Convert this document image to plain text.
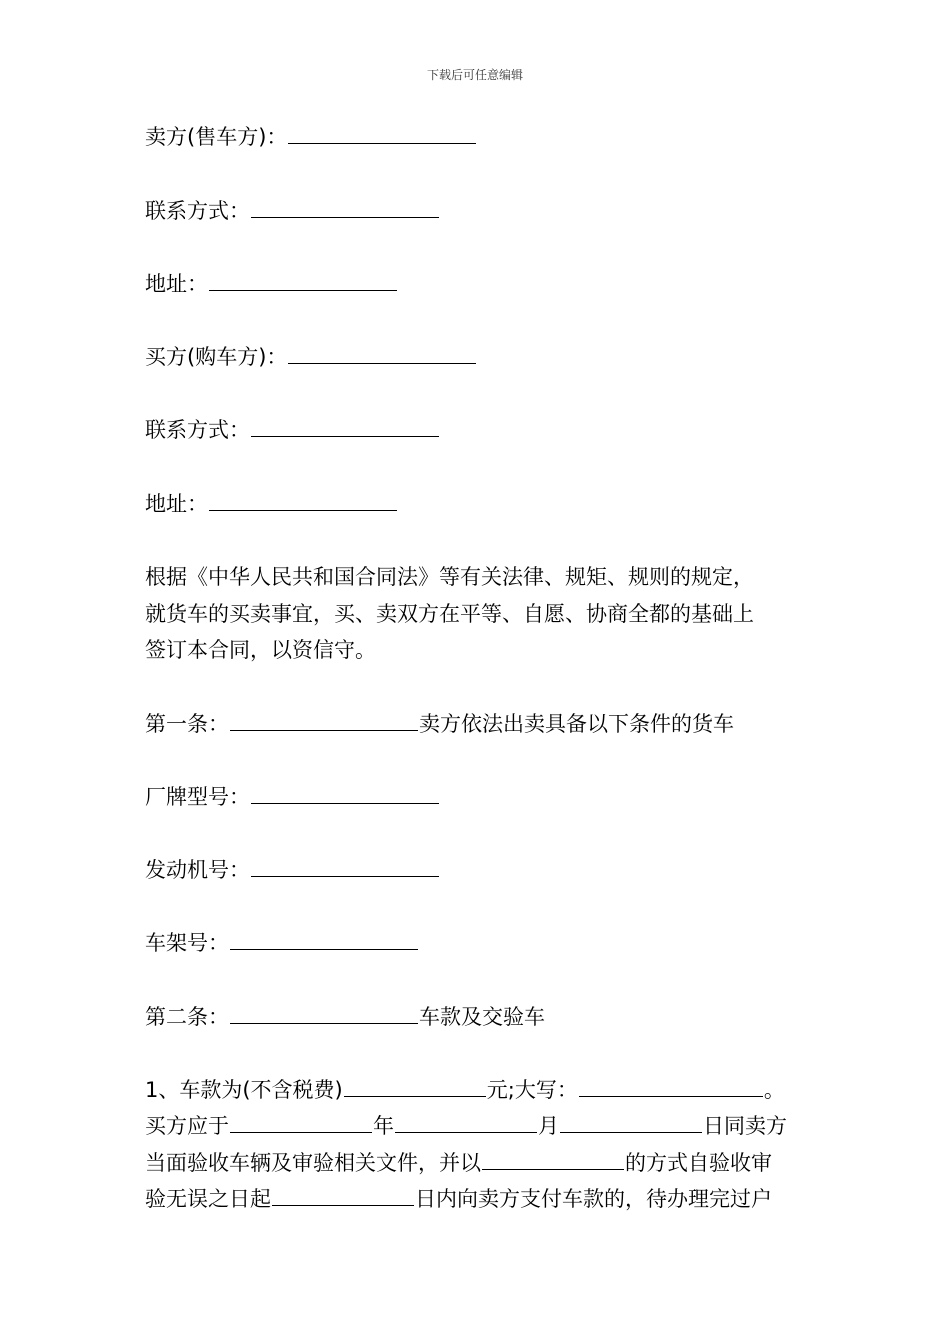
下载后可任意编辑
卖方(售车方)：
联系方式：
地址：
买方(购车方)：
联系方式：
地址：
根据《中华人民共和国合同法》等有关法律、规矩、规则的规定，
就货车的买卖事宜，买、卖双方在平等、自愿、协商全都的基础上
签订本合同，以资信守。
第一条：	卖方依法出卖具备以下条件的货车
厂牌型号：
发动机号：
车架号：
第二条：	车款及交验车
1、车款为(不含税费)	元;大写：	。
买方应于	年	月	日同卖方
当面验收车辆及审验相关文件，并以	的方式自验收审
验无误之日起	日内向卖方支付车款的，待办理完过户
